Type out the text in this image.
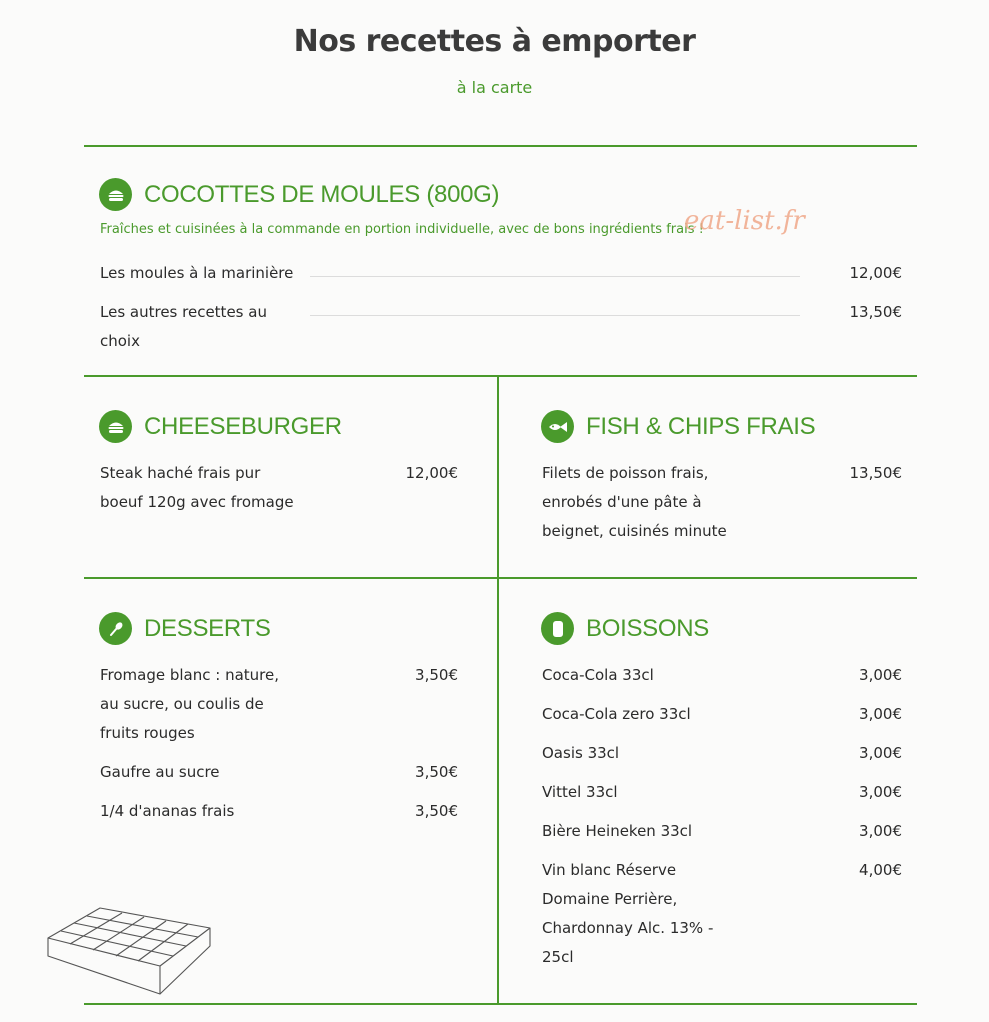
Nos recettes à emporter
à la carte
COCOTTES DE MOULES (800G)
Fraîches et cuisinées à la commande en portion individuelle, avec de bons ingrédients frais !
eat-list.fr
Les moules à la marinière	12,00€
Les autres recettes au
choix
13,50€
CHEESEBURGER
Steak haché frais pur
boeuf 120g avec fromage
12,00€
FISH & CHIPS FRAIS
Filets de poisson frais,
enrobés d'une pâte à
beignet, cuisinés minute
13,50€
DESSERTS
Fromage blanc : nature,
au sucre, ou coulis de
fruits rouges
3,50€
Gaufre au sucre	3,50€
1/4 d'ananas frais	3,50€
BOISSONS
Coca-Cola 33cl	3,00€
Coca-Cola zero 33cl	3,00€
Oasis 33cl	3,00€
Vittel 33cl	3,00€
Bière Heineken 33cl	3,00€
Vin blanc Réserve
Domaine Perrière,
Chardonnay Alc. 13% -
25cl
4,00€
